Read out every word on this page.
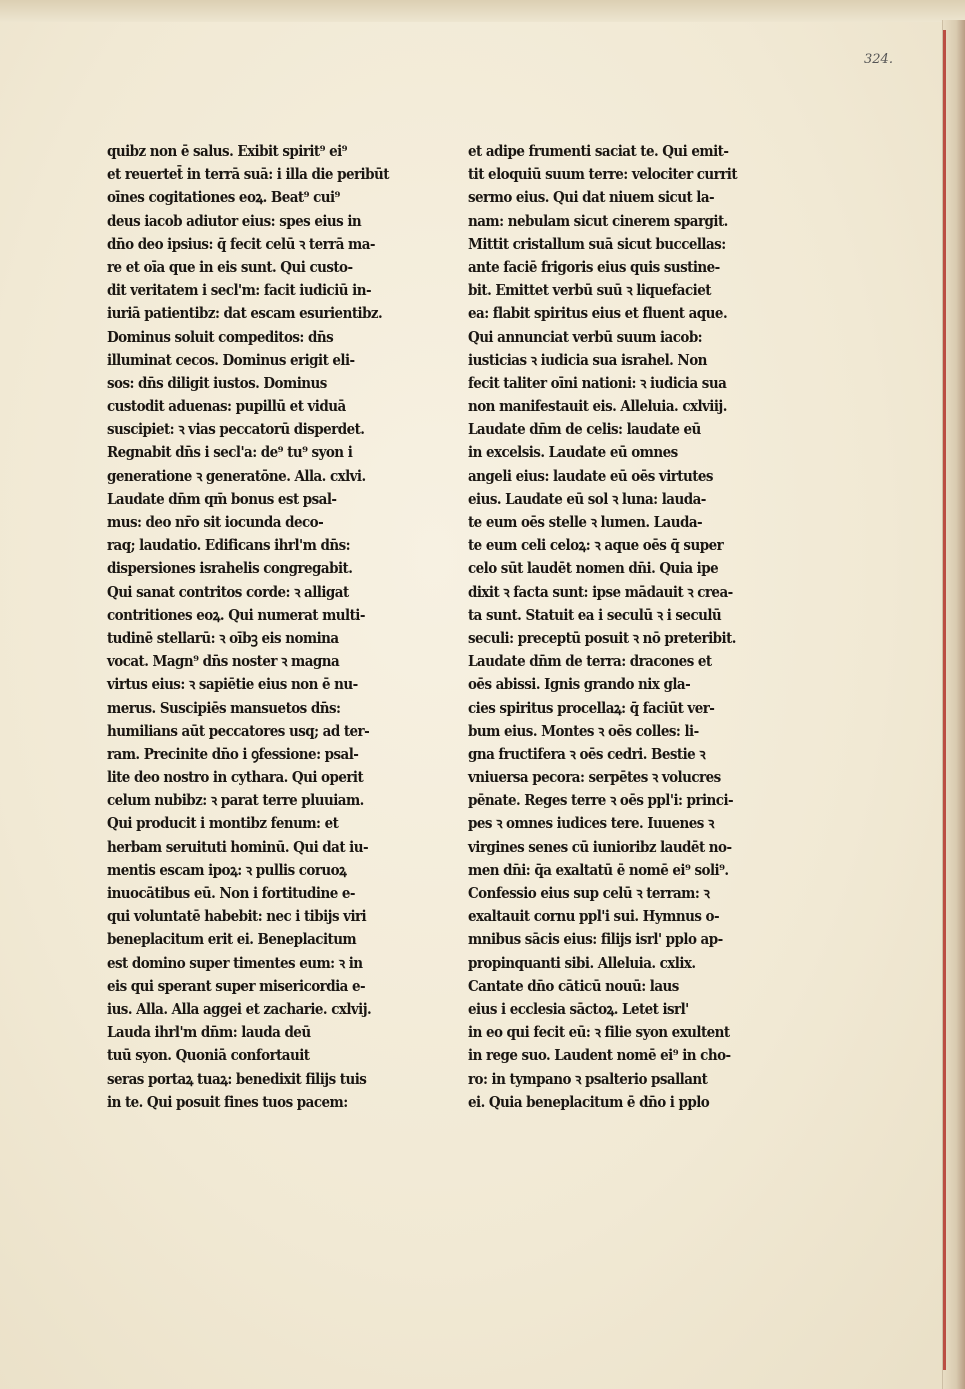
324.
quibz non ē salus. Exibit spirit⁹ ei⁹
et reuertet̄ in terrā suā: i illa die peribūt
oīnes cogitationes eoꝝ. Beat⁹ cui⁹
deus iacob adiutor eius: spes eius in
dn̄o deo ipsius: q̄ fecit celū ꝛ terrā ma-
re et oīa que in eis sunt. Qui custo-
dit veritatem i secl'm: facit iudiciū in-
iuriā patientibz: dat escam esurientibz.
Dominus soluit compeditos: dn̄s
illuminat cecos. Dominus erigit eli-
sos: dn̄s diligit iustos. Dominus
custodit aduenas: pupillū et viduā
suscipiet: ꝛ vias peccatorū disperdet.
Regnabit dn̄s i secl'a: de⁹ tu⁹ syon i
generatione ꝛ generatōne. Alla. cxlvi.
Laudate dn̄m qm̄ bonus est psal-
mus: deo nr̄o sit iocunda deco-
raq; laudatio. Edificans ihrl'm dn̄s:
dispersiones israhelis congregabit.
Qui sanat contritos corde: ꝛ alligat
contritiones eoꝝ. Qui numerat multi-
tudinē stellarū: ꝛ oībꝫ eis nomina
vocat. Magn⁹ dn̄s noster ꝛ magna
virtus eius: ꝛ sapiētie eius non ē nu-
merus. Suscipiēs mansuetos dn̄s:
humilians aūt peccatores usq; ad ter-
ram. Precinite dn̄o i ꝯfessione: psal-
lite deo nostro in cythara. Qui operit
celum nubibz: ꝛ parat terre pluuiam.
Qui producit i montibz fenum: et
herbam seruituti hominū. Qui dat iu-
mentis escam ipoꝝ: ꝛ pullis coruoꝝ
inuocātibus eū. Non i fortitudine e-
qui voluntatē habebit: nec i tibijs viri
beneplacitum erit ei. Beneplacitum
est domino super timentes eum: ꝛ in
eis qui sperant super misericordia e-
ius. Alla. Alla aggei et zacharie. cxlvij.
Lauda ihrl'm dn̄m: lauda deū
tuū syon. Quoniā confortauit
seras portaꝝ tuaꝝ: benedixit filijs tuis
in te. Qui posuit fines tuos pacem:
et adipe frumenti saciat te. Qui emit-
tit eloquiū suum terre: velociter currit
sermo eius. Qui dat niuem sicut la-
nam: nebulam sicut cinerem spargit.
Mittit cristallum suā sicut buccellas:
ante faciē frigoris eius quis sustine-
bit. Emittet verbū suū ꝛ liquefaciet
ea: flabit spiritus eius et fluent aque.
Qui annunciat verbū suum iacob:
iusticias ꝛ iudicia sua israhel. Non
fecit taliter oīni nationi: ꝛ iudicia sua
non manifestauit eis. Alleluia. cxlviij.
Laudate dn̄m de celis: laudate eū
in excelsis. Laudate eū omnes
angeli eius: laudate eū oēs virtutes
eius. Laudate eū sol ꝛ luna: lauda-
te eum oēs stelle ꝛ lumen. Lauda-
te eum celi celoꝝ: ꝛ aque oēs q̄ super
celo sūt laudēt nomen dn̄i. Quia ipe
dixit ꝛ facta sunt: ipse mādauit ꝛ crea-
ta sunt. Statuit ea i seculū ꝛ i seculū
seculi: preceptū posuit ꝛ nō preteribit.
Laudate dn̄m de terra: dracones et
oēs abissi. Ignis grando nix gla-
cies spiritus procellaꝝ: q̄ faciūt ver-
bum eius. Montes ꝛ oēs colles: li-
gna fructifera ꝛ oēs cedri. Bestie ꝛ
vniuersa pecora: serpētes ꝛ volucres
pēnate. Reges terre ꝛ oēs ppl'i: princi-
pes ꝛ omnes iudices tere. Iuuenes ꝛ
virgines senes cū iunioribz laudēt no-
men dn̄i: q̄a exaltatū ē nomē ei⁹ soli⁹.
Confessio eius sup celū ꝛ terram: ꝛ
exaltauit cornu ppl'i sui. Hymnus o-
mnibus sācis eius: filijs isrl' pplo ap-
propinquanti sibi. Alleluia. cxlix.
Cantate dn̄o cāticū nouū: laus
eius i ecclesia sāctoꝝ. Letet isrl'
in eo qui fecit eū: ꝛ filie syon exultent
in rege suo. Laudent nomē ei⁹ in cho-
ro: in tympano ꝛ psalterio psallant
ei. Quia beneplacitum ē dn̄o i pplo
